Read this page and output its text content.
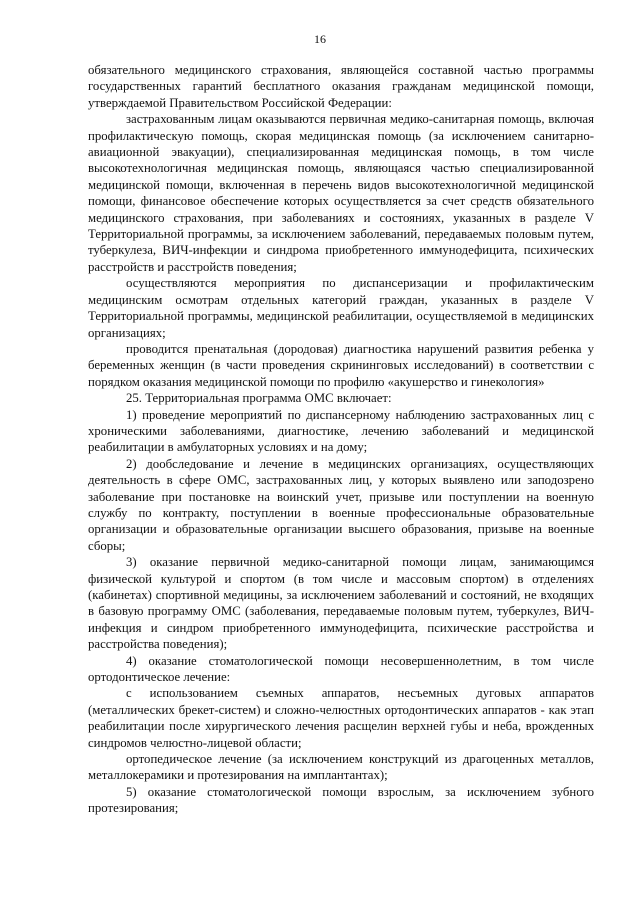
16

обязательного медицинского страхования, являющейся составной частью программы государственных гарантий бесплатного оказания гражданам медицинской помощи, утверждаемой Правительством Российской Федерации:

застрахованным лицам оказываются первичная медико-санитарная помощь, включая профилактическую помощь, скорая медицинская помощь (за исключением санитарно-авиационной эвакуации), специализированная медицинская помощь, в том числе высокотехнологичная медицинская помощь, являющаяся частью специализированной медицинской помощи, включенная в перечень видов высокотехнологичной медицинской помощи, финансовое обеспечение которых осуществляется за счет средств обязательного медицинского страхования, при заболеваниях и состояниях, указанных в разделе V Территориальной программы, за исключением заболеваний, передаваемых половым путем, туберкулеза, ВИЧ-инфекции и синдрома приобретенного иммунодефицита, психических расстройств и расстройств поведения;

осуществляются мероприятия по диспансеризации и профилактическим медицинским осмотрам отдельных категорий граждан, указанных в разделе V Территориальной программы, медицинской реабилитации, осуществляемой в медицинских организациях;

проводится пренатальная (дородовая) диагностика нарушений развития ребенка у беременных женщин (в части проведения скрининговых исследований) в соответствии с порядком оказания медицинской помощи по профилю «акушерство и гинекология»

25. Территориальная программа ОМС включает:

1) проведение мероприятий по диспансерному наблюдению застрахованных лиц с хроническими заболеваниями, диагностике, лечению заболеваний и медицинской реабилитации в амбулаторных условиях и на дому;

2) дообследование и лечение в медицинских организациях, осуществляющих деятельность в сфере ОМС, застрахованных лиц, у которых выявлено или заподозрено заболевание при постановке на воинский учет, призыве или поступлении на военную службу по контракту, поступлении в военные профессиональные образовательные организации и образовательные организации высшего образования, призыве на военные сборы;

3) оказание первичной медико-санитарной помощи лицам, занимающимся физической культурой и спортом (в том числе и массовым спортом) в отделениях (кабинетах) спортивной медицины, за исключением заболеваний и состояний, не входящих в базовую программу ОМС (заболевания, передаваемые половым путем, туберкулез, ВИЧ-инфекция и синдром приобретенного иммунодефицита, психические расстройства и расстройства поведения);

4) оказание стоматологической помощи несовершеннолетним, в том числе ортодонтическое лечение:

с использованием съемных аппаратов, несъемных дуговых аппаратов (металлических брекет-систем) и сложно-челюстных ортодонтических аппаратов - как этап реабилитации после хирургического лечения расщелин верхней губы и неба, врожденных синдромов челюстно-лицевой области;

ортопедическое лечение (за исключением конструкций из драгоценных металлов, металлокерамики и протезирования на имплантантах);

5) оказание стоматологической помощи взрослым, за исключением зубного протезирования;
